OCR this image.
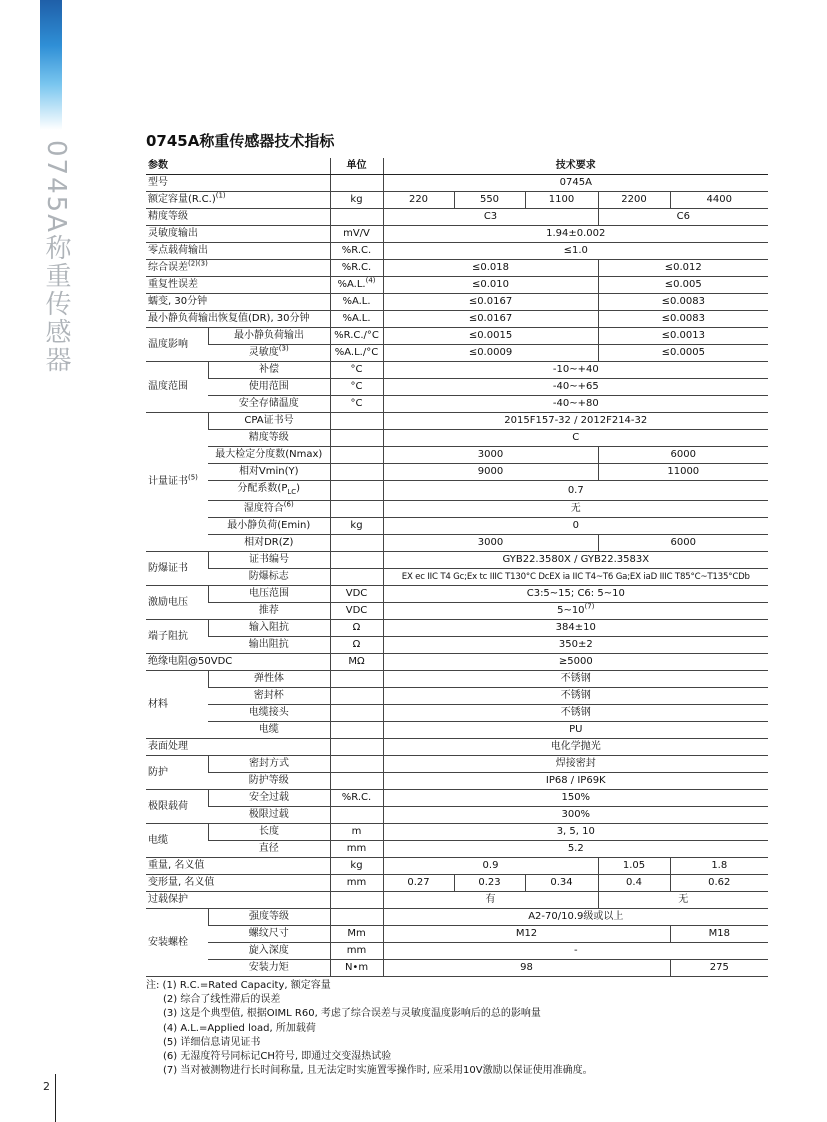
0745A称重传感器
2
0745A称重传感器技术指标
参数		单位	技术要求				
型号			0745A				
额定容量$(R.C.)^{(1)}$		kg	220	550	1100	2200	4400
精度等级			C3			C6	
灵敏度输出		mV/V	1.94±0.002				
零点载荷输出		%R.C.	≤1.0				
综合误差$^{(2)(3)}$		%R.C.	≤0.018			≤0.012	
重复性误差		%A.L.$^{(4)}$	≤0.010			≤0.005	
蠕变, 30分钟		%A.L.	≤0.0167			≤0.0083	
最小静负荷输出恢复值(DR), 30分钟		%A.L.	≤0.0167			≤0.0083	
温度影响	最小静负荷输出	%R.C./°C	≤0.0015			≤0.0013	
	灵敏度$^{(3)}$	%A.L./°C	≤0.0009			≤0.0005	
温度范围	补偿	°C	-10~+40				
	使用范围	°C	-40~+65				
	安全存储温度	°C	-40~+80				
计量证书$^{(5)}$	CPA证书号		2015F157-32 / 2012F214-32				
	精度等级		C				
	最大检定分度数(Nmax)		3000			6000	
	相对Vmin(Y)		9000			11000	
	分配系数$(P_{LC})$		0.7				
	湿度符合$^{(6)}$		无				
	最小静负荷(Emin)	kg	0				
	相对DR(Z)		3000			6000	
防爆证书	证书编号		GYB22.3580X / GYB22.3583X				
	防爆标志		EX ec IIC T4 Gc;Ex tc IIIC T130°C DcEX ia IIC T4~T6 Ga;EX iaD IIIC T85°C~T135°CDb				
激励电压	电压范围	VDC	C3:5~15; C6: 5~10				
	推荐	VDC	5~10$^{(7)}$
端子阻抗	输入阻抗	Ω	384±10				
	输出阻抗	Ω	350±2				
绝缘电阻@50VDC		MΩ	≥5000				
材料	弹性体		不锈钢				
	密封杯		不锈钢				
	电缆接头		不锈钢				
	电缆		PU				
表面处理			电化学抛光				
防护	密封方式		焊接密封				
	防护等级		IP68 / IP69K				
极限载荷	安全过载	%R.C.	150%				
	极限过载		300%				
电缆	长度	m	3, 5, 10				
	直径	mm	5.2				
重量, 名义值		kg	0.9			1.05	1.8
变形量, 名义值		mm	0.27	0.23	0.34	0.4	0.62
过载保护			有			无	
安装螺栓	强度等级		A2-70/10.9级或以上				
	螺纹尺寸	Mm	M12				M18
	旋入深度	mm	-				
	安装力矩	N•m	98				275
注: (1) R.C.=Rated Capacity, 额定容量
(2) 综合了线性滞后的误差
(3) 这是个典型值, 根据OIML R60, 考虑了综合误差与灵敏度温度影响后的总的影响量
(4) A.L.=Applied load, 所加载荷
(5) 详细信息请见证书
(6) 无湿度符号同标记CH符号, 即通过交变湿热试验
(7) 当对被测物进行长时间称量, 且无法定时实施置零操作时, 应采用10V激励以保证使用准确度。
